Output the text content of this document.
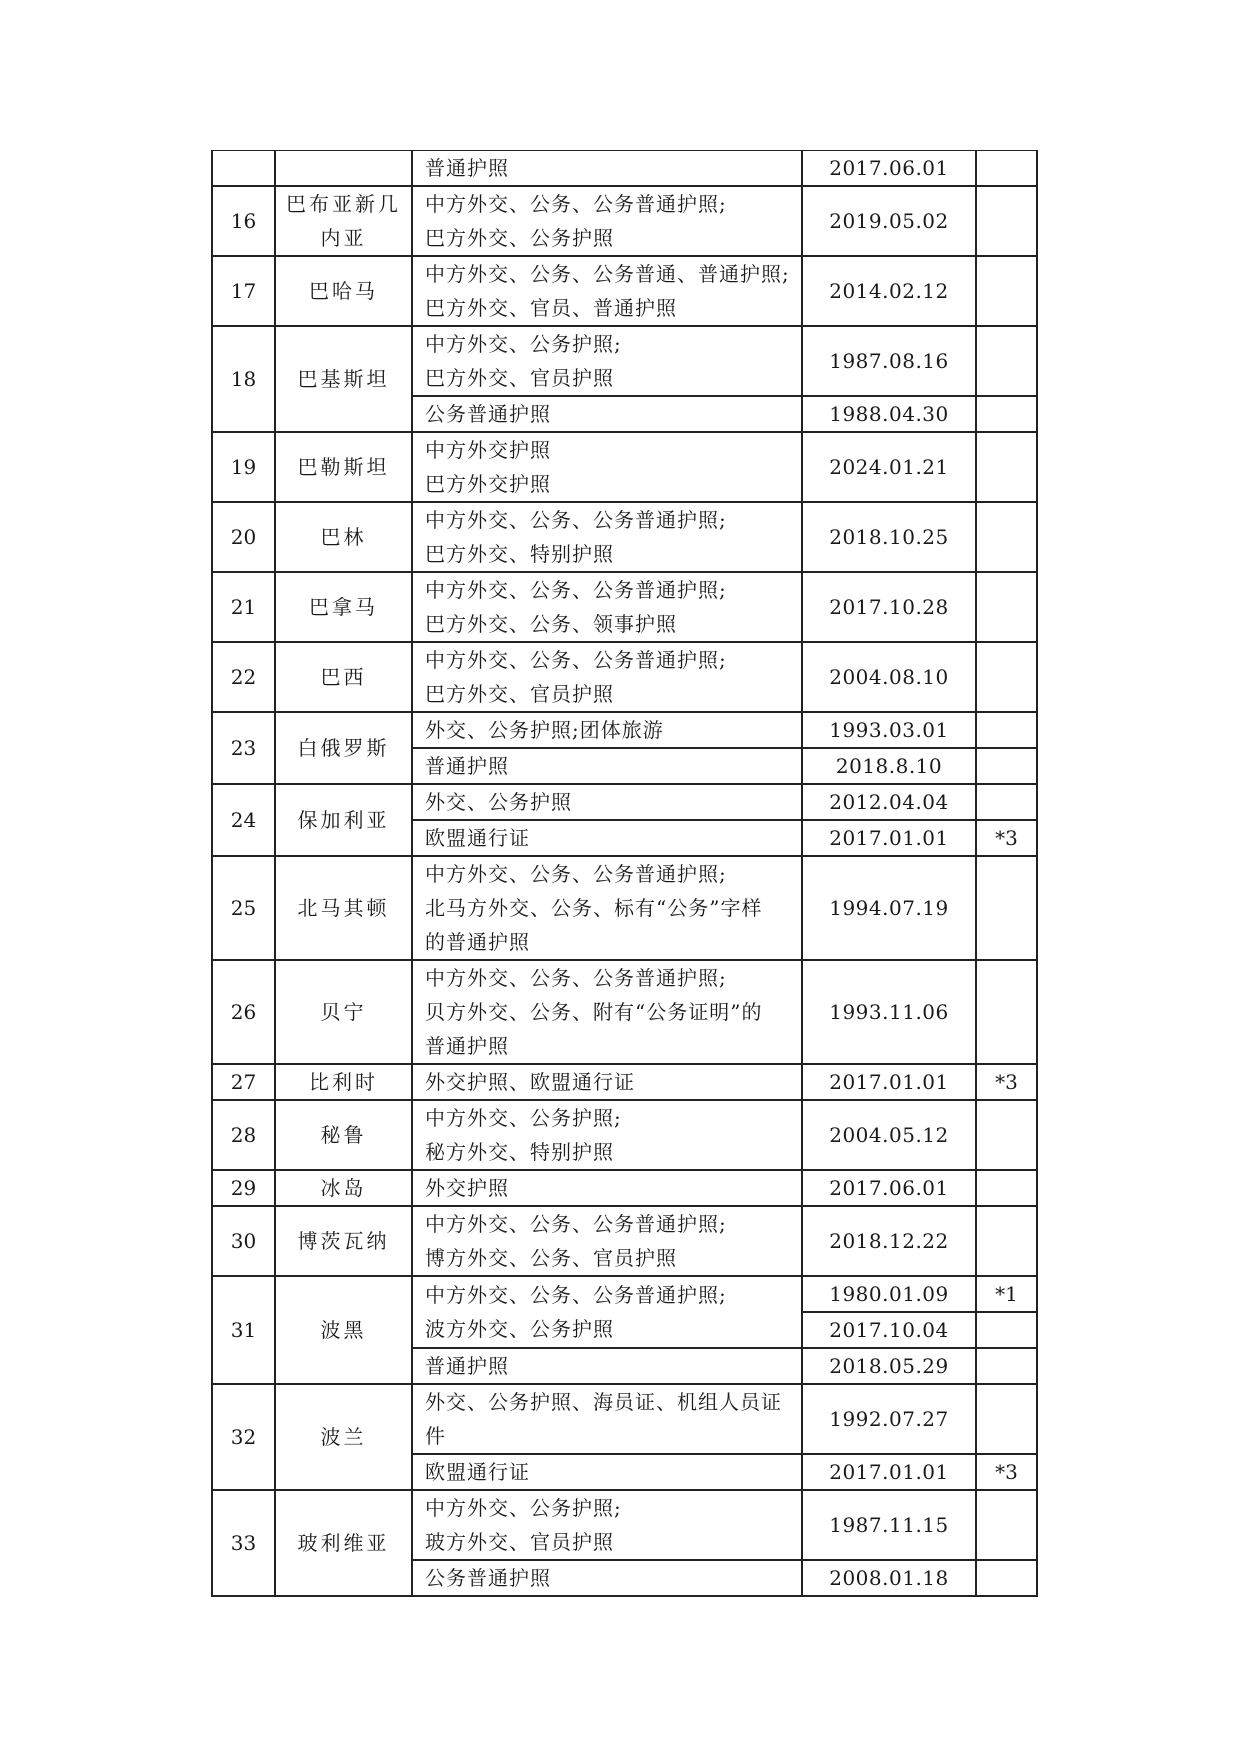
		普通护照	2017.06.01	
16	巴布亚新几内亚	中方外交、公务、公务普通护照;
巴方外交、公务护照	2019.05.02	
17	巴哈马	中方外交、公务、公务普通、普通护照;
巴方外交、官员、普通护照	2014.02.12	
18	巴基斯坦	中方外交、公务护照;
巴方外交、官员护照	1987.08.16	

		公务普通护照	1988.04.30	
19	巴勒斯坦	中方外交护照
巴方外交护照	2024.01.21	
20	巴林	中方外交、公务、公务普通护照;
巴方外交、特别护照	2018.10.25	
21	巴拿马	中方外交、公务、公务普通护照;
巴方外交、公务、领事护照	2017.10.28	
22	巴西	中方外交、公务、公务普通护照;
巴方外交、官员护照	2004.08.10	
23	白俄罗斯	外交、公务护照;团体旅游	1993.03.01	

		普通护照	2018.8.10	
24	保加利亚	外交、公务护照	2012.04.04	

		欧盟通行证	2017.01.01	*3
25	北马其顿	中方外交、公务、公务普通护照;
北马方外交、公务、标有“公务”字样
的普通护照	1994.07.19	
26	贝宁	中方外交、公务、公务普通护照;
贝方外交、公务、附有“公务证明”的
普通护照	1993.11.06	
27	比利时	外交护照、欧盟通行证	2017.01.01	*3
28	秘鲁	中方外交、公务护照;
秘方外交、特别护照	2004.05.12	
29	冰岛	外交护照	2017.06.01	
30	博茨瓦纳	中方外交、公务、公务普通护照;
博方外交、公务、官员护照	2018.12.22	
31	波黑	中方外交、公务、公务普通护照;
波方外交、公务护照	1980.01.09	*1
			2017.10.04	

		普通护照	2018.05.29	
32	波兰	外交、公务护照、海员证、机组人员证
件	1992.07.27	

		欧盟通行证	2017.01.01	*3
33	玻利维亚	中方外交、公务护照;
玻方外交、官员护照	1987.11.15	

		公务普通护照	2008.01.18	
